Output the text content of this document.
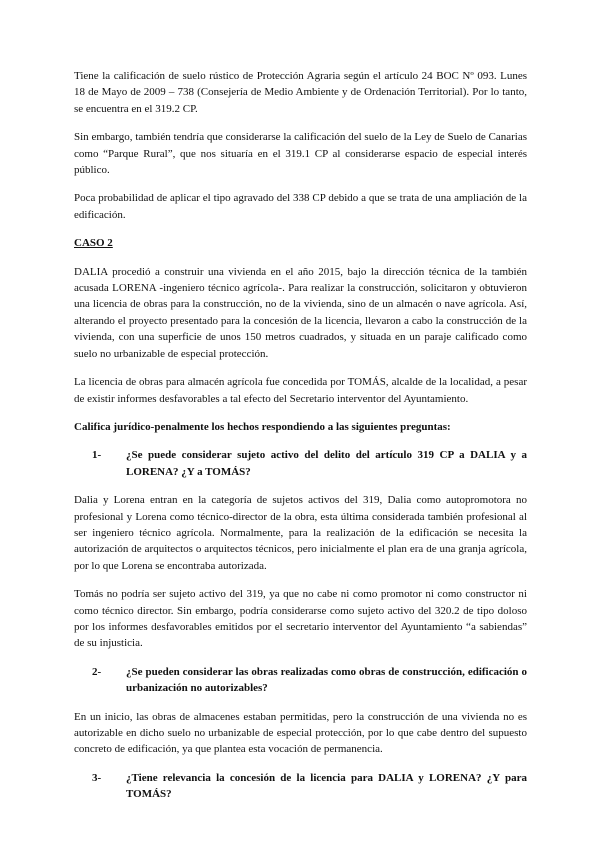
Tiene la calificación de suelo rústico de Protección Agraria según el artículo 24 BOC Nº 093. Lunes 18 de Mayo de 2009 – 738 (Consejería de Medio Ambiente y de Ordenación Territorial). Por lo tanto, se encuentra en el 319.2 CP.

Sin embargo, también tendría que considerarse la calificación del suelo de la Ley de Suelo de Canarias como “Parque Rural”, que nos situaría en el 319.1 CP al considerarse espacio de especial interés público.

Poca probabilidad de aplicar el tipo agravado del 338 CP debido a que se trata de una ampliación de la edificación.

CASO 2

DALIA procedió a construir una vivienda en el año 2015, bajo la dirección técnica de la también acusada LORENA -ingeniero técnico agrícola-. Para realizar la construcción, solicitaron y obtuvieron una licencia de obras para la construcción, no de la vivienda, sino de un almacén o nave agrícola. Así, alterando el proyecto presentado para la concesión de la licencia, llevaron a cabo la construcción de la vivienda, con una superficie de unos 150 metros cuadrados, y situada en un paraje calificado como suelo no urbanizable de especial protección.

La licencia de obras para almacén agrícola fue concedida por TOMÁS, alcalde de la localidad, a pesar de existir informes desfavorables a tal efecto del Secretario interventor del Ayuntamiento.

Califica jurídico-penalmente los hechos respondiendo a las siguientes preguntas:

1-	¿Se puede considerar sujeto activo del delito del artículo 319 CP a DALIA y a LORENA? ¿Y a TOMÁS?

Dalia y Lorena entran en la categoría de sujetos activos del 319, Dalia como autopromotora no profesional y Lorena como técnico-director de la obra, esta última considerada también profesional al ser ingeniero técnico agrícola. Normalmente, para la realización de la edificación se necesita la autorización de arquitectos o arquitectos técnicos, pero inicialmente el plan era de una granja agrícola, por lo que Lorena se encontraba autorizada.

Tomás no podría ser sujeto activo del 319, ya que no cabe ni como promotor ni como constructor ni como técnico director. Sin embargo, podría considerarse como sujeto activo del 320.2 de tipo doloso por los informes desfavorables emitidos por el secretario interventor del Ayuntamiento “a sabiendas” de su injusticia.

2-	¿Se pueden considerar las obras realizadas como obras de construcción, edificación o urbanización no autorizables?

En un inicio, las obras de almacenes estaban permitidas, pero la construcción de una vivienda no es autorizable en dicho suelo no urbanizable de especial protección, por lo que cabe dentro del supuesto concreto de edificación, ya que plantea esta vocación de permanencia.

3-	¿Tiene relevancia la concesión de la licencia para DALIA y LORENA? ¿Y para TOMÁS?
